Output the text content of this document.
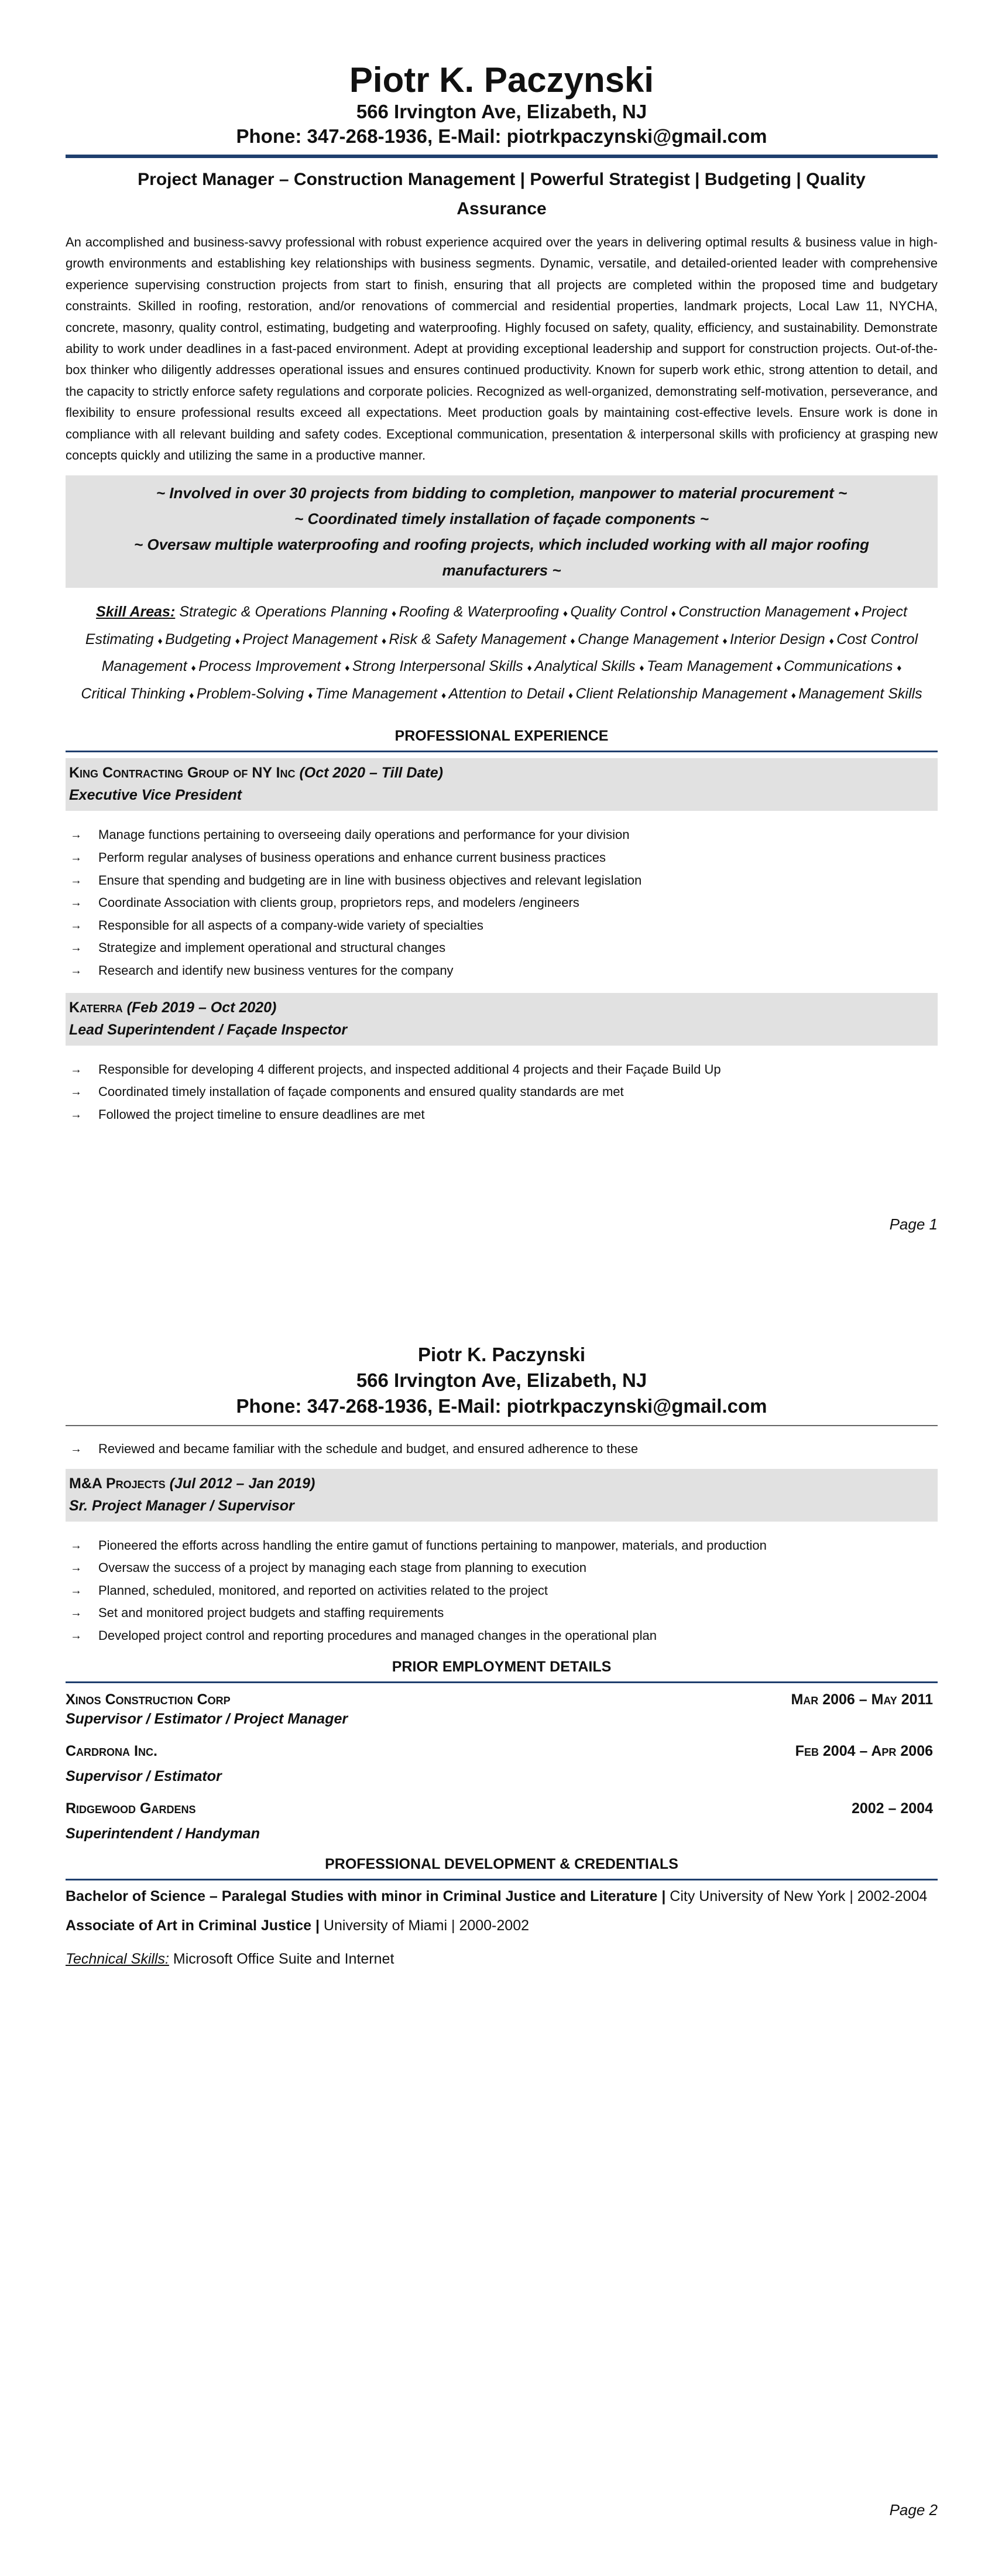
Piotr K. Paczynski
566 Irvington Ave, Elizabeth, NJ
Phone: 347-268-1936, E-Mail: piotrkpaczynski@gmail.com
Project Manager – Construction Management | Powerful Strategist | Budgeting | Quality
Assurance
An accomplished and business-savvy professional with robust experience acquired over the years in delivering optimal results & business value in high-growth environments and establishing key relationships with business segments. Dynamic, versatile, and detailed-oriented leader with comprehensive experience supervising construction projects from start to finish, ensuring that all projects are completed within the proposed time and budgetary constraints. Skilled in roofing, restoration, and/or renovations of commercial and residential properties, landmark projects, Local Law 11, NYCHA, concrete, masonry, quality control, estimating, budgeting and waterproofing. Highly focused on safety, quality, efficiency, and sustainability. Demonstrate ability to work under deadlines in a fast-paced environment. Adept at providing exceptional leadership and support for construction projects. Out-of-the-box thinker who diligently addresses operational issues and ensures continued productivity. Known for superb work ethic, strong attention to detail, and the capacity to strictly enforce safety regulations and corporate policies. Recognized as well-organized, demonstrating self-motivation, perseverance, and flexibility to ensure professional results exceed all expectations. Meet production goals by maintaining cost-effective levels. Ensure work is done in compliance with all relevant building and safety codes. Exceptional communication, presentation & interpersonal skills with proficiency at grasping new concepts quickly and utilizing the same in a productive manner.
~ Involved in over 30 projects from bidding to completion, manpower to material procurement ~
~ Coordinated timely installation of façade components ~
~ Oversaw multiple waterproofing and roofing projects, which included working with all major roofing manufacturers ~
Skill Areas: Strategic & Operations Planning ♦ Roofing & Waterproofing ♦ Quality Control ♦ Construction Management ♦ Project Estimating ♦ Budgeting ♦ Project Management ♦ Risk & Safety Management ♦ Change Management ♦ Interior Design ♦ Cost Control Management ♦ Process Improvement ♦ Strong Interpersonal Skills ♦ Analytical Skills ♦ Team Management ♦ Communications ♦ Critical Thinking ♦ Problem-Solving ♦ Time Management ♦ Attention to Detail ♦ Client Relationship Management ♦ Management Skills
PROFESSIONAL EXPERIENCE
King Contracting Group of NY Inc (Oct 2020 – Till Date)
Executive Vice President
→	Manage functions pertaining to overseeing daily operations and performance for your division
→	Perform regular analyses of business operations and enhance current business practices
→	Ensure that spending and budgeting are in line with business objectives and relevant legislation
→	Coordinate Association with clients group, proprietors reps, and modelers /engineers
→	Responsible for all aspects of a company-wide variety of specialties
→	Strategize and implement operational and structural changes
→	Research and identify new business ventures for the company
Katerra (Feb 2019 – Oct 2020)
Lead Superintendent / Façade Inspector
→	Responsible for developing 4 different projects, and inspected additional 4 projects and their Façade Build Up
→	Coordinated timely installation of façade components and ensured quality standards are met
→	Followed the project timeline to ensure deadlines are met
Page 1
Piotr K. Paczynski
566 Irvington Ave, Elizabeth, NJ
Phone: 347-268-1936, E-Mail: piotrkpaczynski@gmail.com
→	Reviewed and became familiar with the schedule and budget, and ensured adherence to these
M&A Projects (Jul 2012 – Jan 2019)
Sr. Project Manager / Supervisor
→	Pioneered the efforts across handling the entire gamut of functions pertaining to manpower, materials, and production
→	Oversaw the success of a project by managing each stage from planning to execution
→	Planned, scheduled, monitored, and reported on activities related to the project
→	Set and monitored project budgets and staffing requirements
→	Developed project control and reporting procedures and managed changes in the operational plan
PRIOR EMPLOYMENT DETAILS
Xinos Construction Corp	Mar 2006 – May 2011
Supervisor / Estimator / Project Manager
Cardrona Inc.	Feb 2004 – Apr 2006
Supervisor / Estimator
Ridgewood Gardens	2002 – 2004
Superintendent / Handyman
PROFESSIONAL DEVELOPMENT & CREDENTIALS
Bachelor of Science – Paralegal Studies with minor in Criminal Justice and Literature | City University of New York | 2002-2004
Associate of Art in Criminal Justice | University of Miami | 2000-2002
Technical Skills: Microsoft Office Suite and Internet
Page 2
